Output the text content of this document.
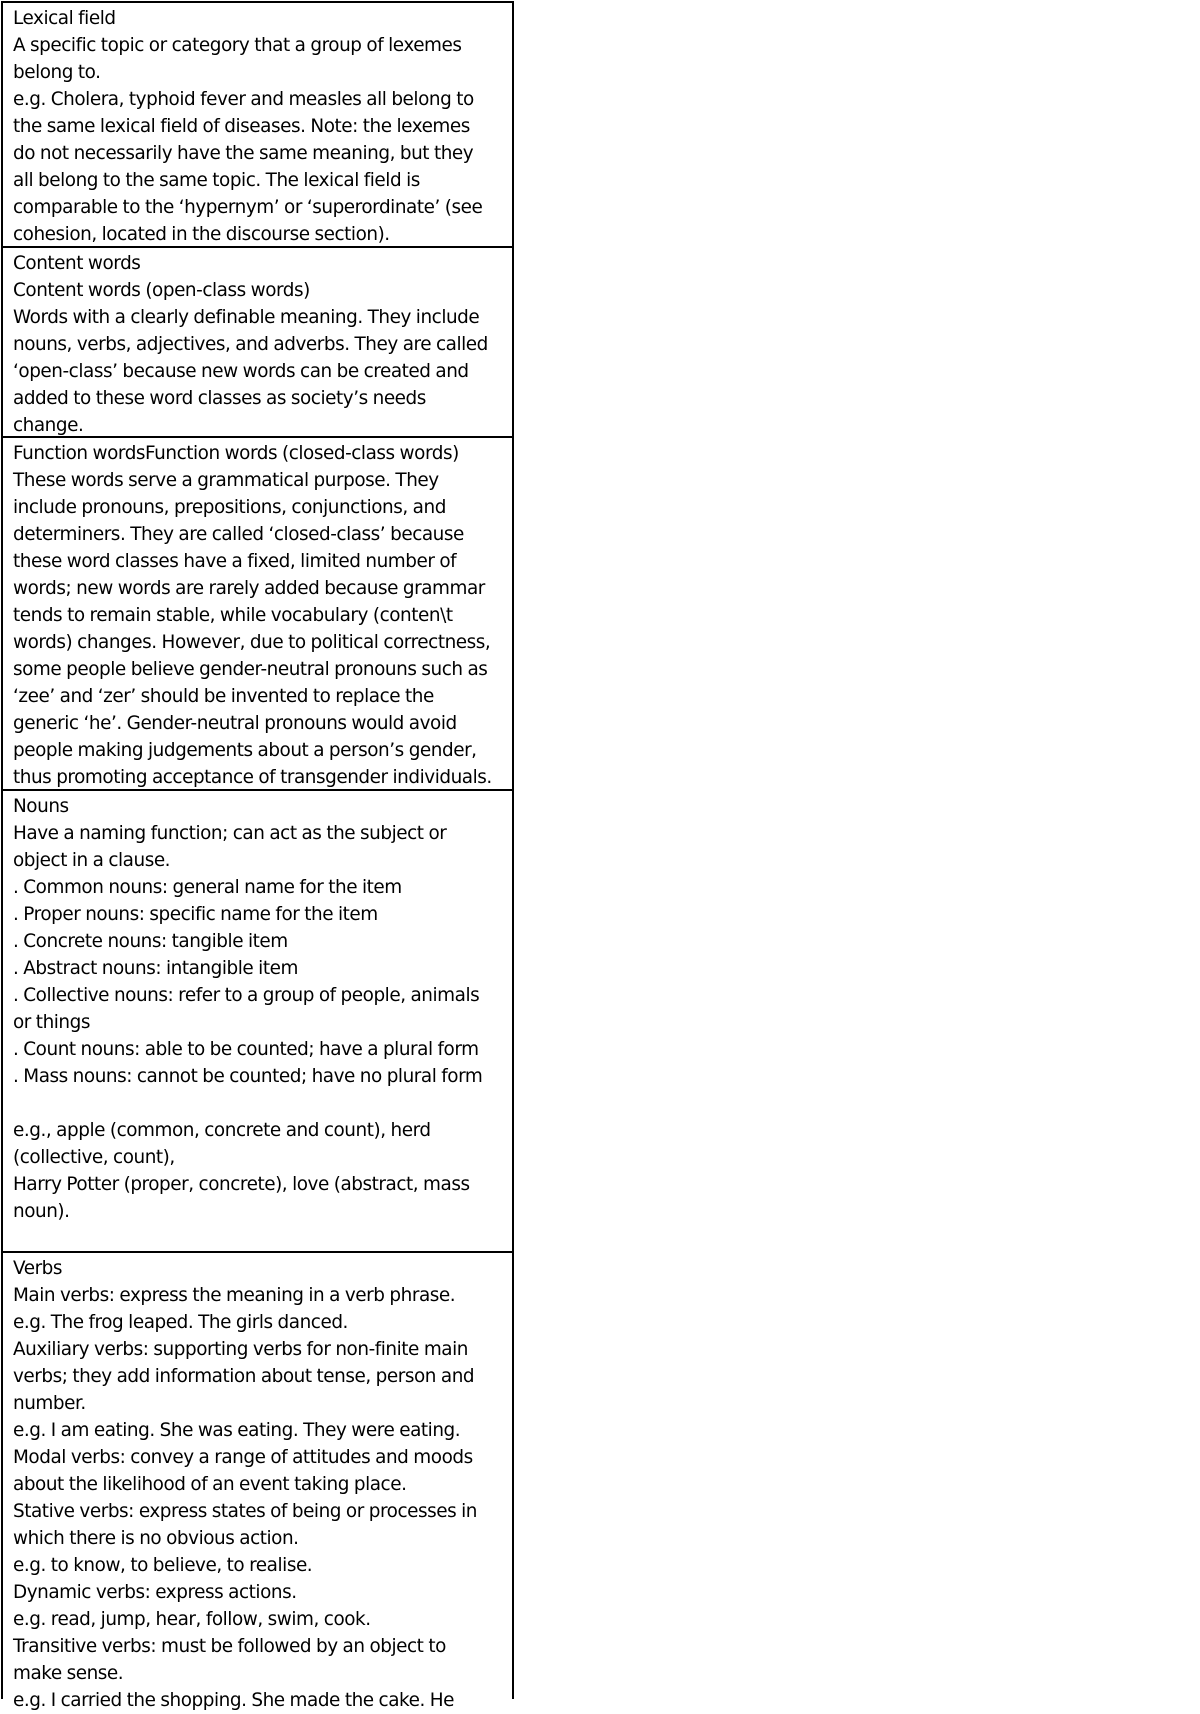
Lexical field
A specific topic or category that a group of lexemes
belong to.
e.g. Cholera, typhoid fever and measles all belong to
the same lexical field of diseases. Note: the lexemes
do not necessarily have the same meaning, but they
all belong to the same topic. The lexical field is
comparable to the ‘hypernym’ or ‘superordinate’ (see
cohesion, located in the discourse section).
Content words
Content words (open-class words)
Words with a clearly definable meaning. They include
nouns, verbs, adjectives, and adverbs. They are called
‘open-class’ because new words can be created and
added to these word classes as society’s needs
change.
Function wordsFunction words (closed-class words)
These words serve a grammatical purpose. They
include pronouns, prepositions, conjunctions, and
determiners. They are called ‘closed-class’ because
these word classes have a fixed, limited number of
words; new words are rarely added because grammar
tends to remain stable, while vocabulary (conten\t
words) changes. However, due to political correctness,
some people believe gender-neutral pronouns such as
‘zee’ and ‘zer’ should be invented to replace the
generic ‘he’. Gender-neutral pronouns would avoid
people making judgements about a person’s gender,
thus promoting acceptance of transgender individuals.
Nouns
Have a naming function; can act as the subject or
object in a clause.
. Common nouns: general name for the item
. Proper nouns: specific name for the item
. Concrete nouns: tangible item
. Abstract nouns: intangible item
. Collective nouns: refer to a group of people, animals
or things
. Count nouns: able to be counted; have a plural form
. Mass nouns: cannot be counted; have no plural form
e.g., apple (common, concrete and count), herd
(collective, count),
Harry Potter (proper, concrete), love (abstract, mass
noun).
Verbs
Main verbs: express the meaning in a verb phrase.
e.g. The frog leaped. The girls danced.
Auxiliary verbs: supporting verbs for non-finite main
verbs; they add information about tense, person and
number.
e.g. I am eating. She was eating. They were eating.
Modal verbs: convey a range of attitudes and moods
about the likelihood of an event taking place.
Stative verbs: express states of being or processes in
which there is no obvious action.
e.g. to know, to believe, to realise.
Dynamic verbs: express actions.
e.g. read, jump, hear, follow, swim, cook.
Transitive verbs: must be followed by an object to
make sense.
e.g. I carried the shopping. She made the cake. He
